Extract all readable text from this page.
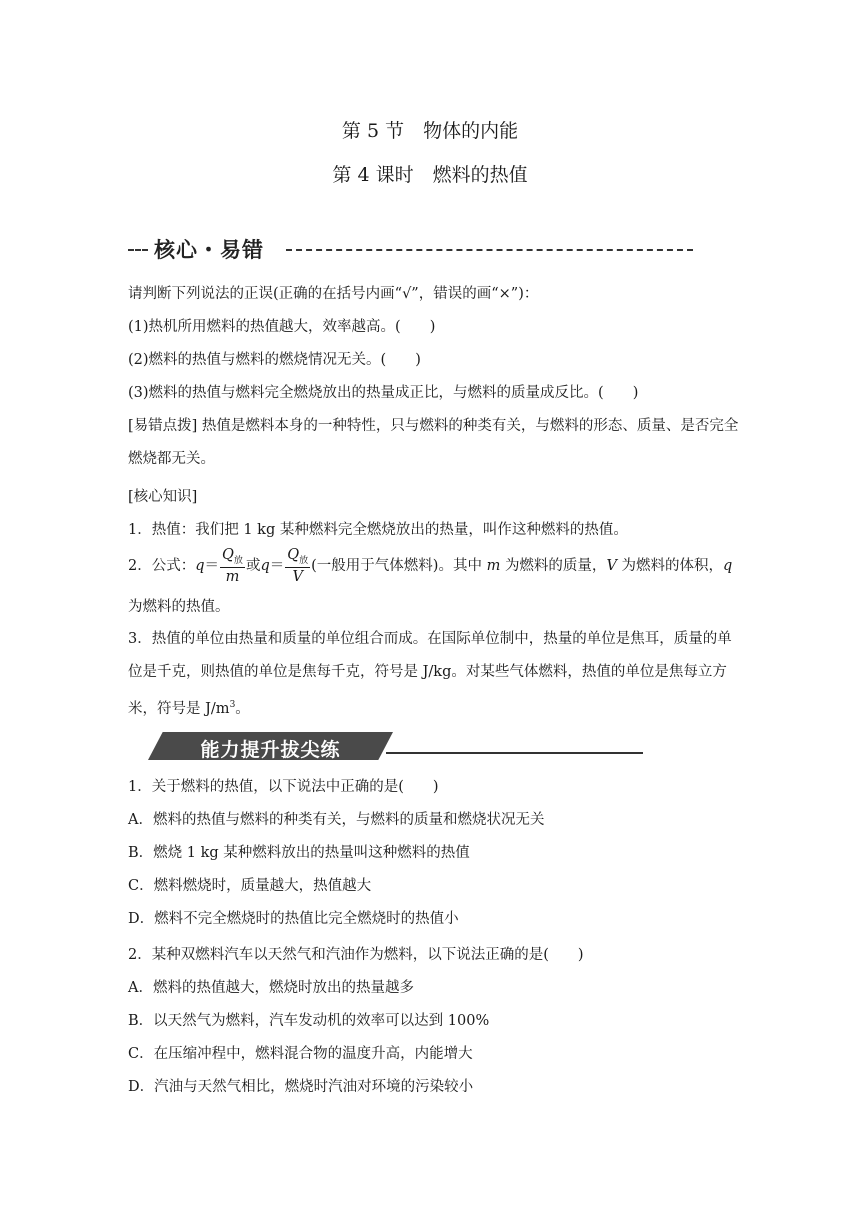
第 5 节　物体的内能
第 4 课时　燃料的热值
核心・易错
请判断下列说法的正误(正确的在括号内画“√”，错误的画“×”)：
(1)热机所用燃料的热值越大，效率越高。(　　)
(2)燃料的热值与燃料的燃烧情况无关。(　　)
(3)燃料的热值与燃料完全燃烧放出的热量成正比，与燃料的质量成反比。(　　)
[易错点拨] 热值是燃料本身的一种特性，只与燃料的种类有关，与燃料的形态、质量、是否完全燃烧都无关。
[核心知识]
1．热值：我们把 1 kg 某种燃料完全燃烧放出的热量，叫作这种燃料的热值。
2．公式：$q= \frac{Q_放}{m}$ 或$q= \frac{Q_放}{V}$ (一般用于气体燃料)。其中 m 为燃料的质量，V 为燃料的体积，q
为燃料的热值。
3．热值的单位由热量和质量的单位组合而成。在国际单位制中，热量的单位是焦耳，质量的单位是千克，则热值的单位是焦每千克，符号是 J/kg。对某些气体燃料，热值的单位是焦每立方米，符号是 $J/m^3$。
能力提升拔尖练
1．关于燃料的热值，以下说法中正确的是(　　)
A．燃料的热值与燃料的种类有关，与燃料的质量和燃烧状况无关
B．燃烧 1 kg 某种燃料放出的热量叫这种燃料的热值
C．燃料燃烧时，质量越大，热值越大
D．燃料不完全燃烧时的热值比完全燃烧时的热值小
2．某种双燃料汽车以天然气和汽油作为燃料，以下说法正确的是(　　)
A．燃料的热值越大，燃烧时放出的热量越多
B．以天然气为燃料，汽车发动机的效率可以达到 100%
C．在压缩冲程中，燃料混合物的温度升高，内能增大
D．汽油与天然气相比，燃烧时汽油对环境的污染较小
